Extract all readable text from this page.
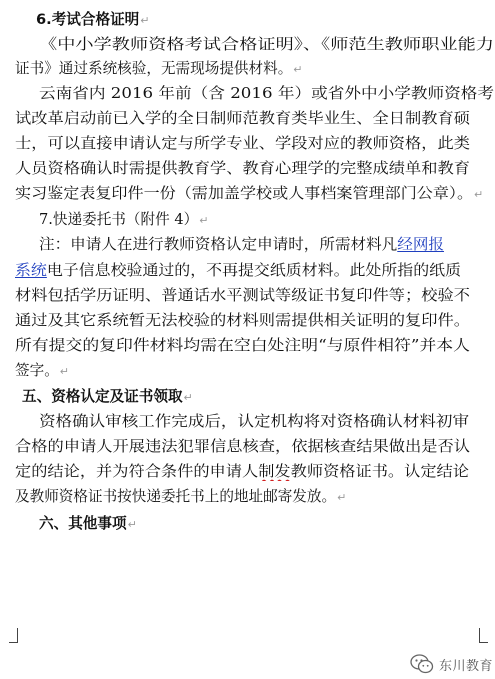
6.考试合格证明↵
《中小学教师资格考试合格证明》、《师范生教师职业能力
证书》通过系统核验，无需现场提供材料。↵
云南省内 2016 年前（含 2016 年）或省外中小学教师资格考
试改革启动前已入学的全日制师范教育类毕业生、全日制教育硕
士，可以直接申请认定与所学专业、学段对应的教师资格，此类
人员资格确认时需提供教育学、教育心理学的完整成绩单和教育
实习鉴定表复印件一份（需加盖学校或人事档案管理部门公章）。↵
7.快递委托书（附件 4）↵
注：申请人在进行教师资格认定申请时，所需材料凡经网报
系统电子信息校验通过的，不再提交纸质材料。此处所指的纸质
材料包括学历证明、普通话水平测试等级证书复印件等；校验不
通过及其它系统暂无法校验的材料则需提供相关证明的复印件。
所有提交的复印件材料均需在空白处注明“与原件相符”并本人
签字。↵
五、资格认定及证书领取↵
资格确认审核工作完成后，认定机构将对资格确认材料初审
合格的申请人开展违法犯罪信息核查，依据核查结果做出是否认
定的结论，并为符合条件的申请人制发教师资格证书。认定结论
及教师资格证书按快递委托书上的地址邮寄发放。↵
六、其他事项↵
东川教育
